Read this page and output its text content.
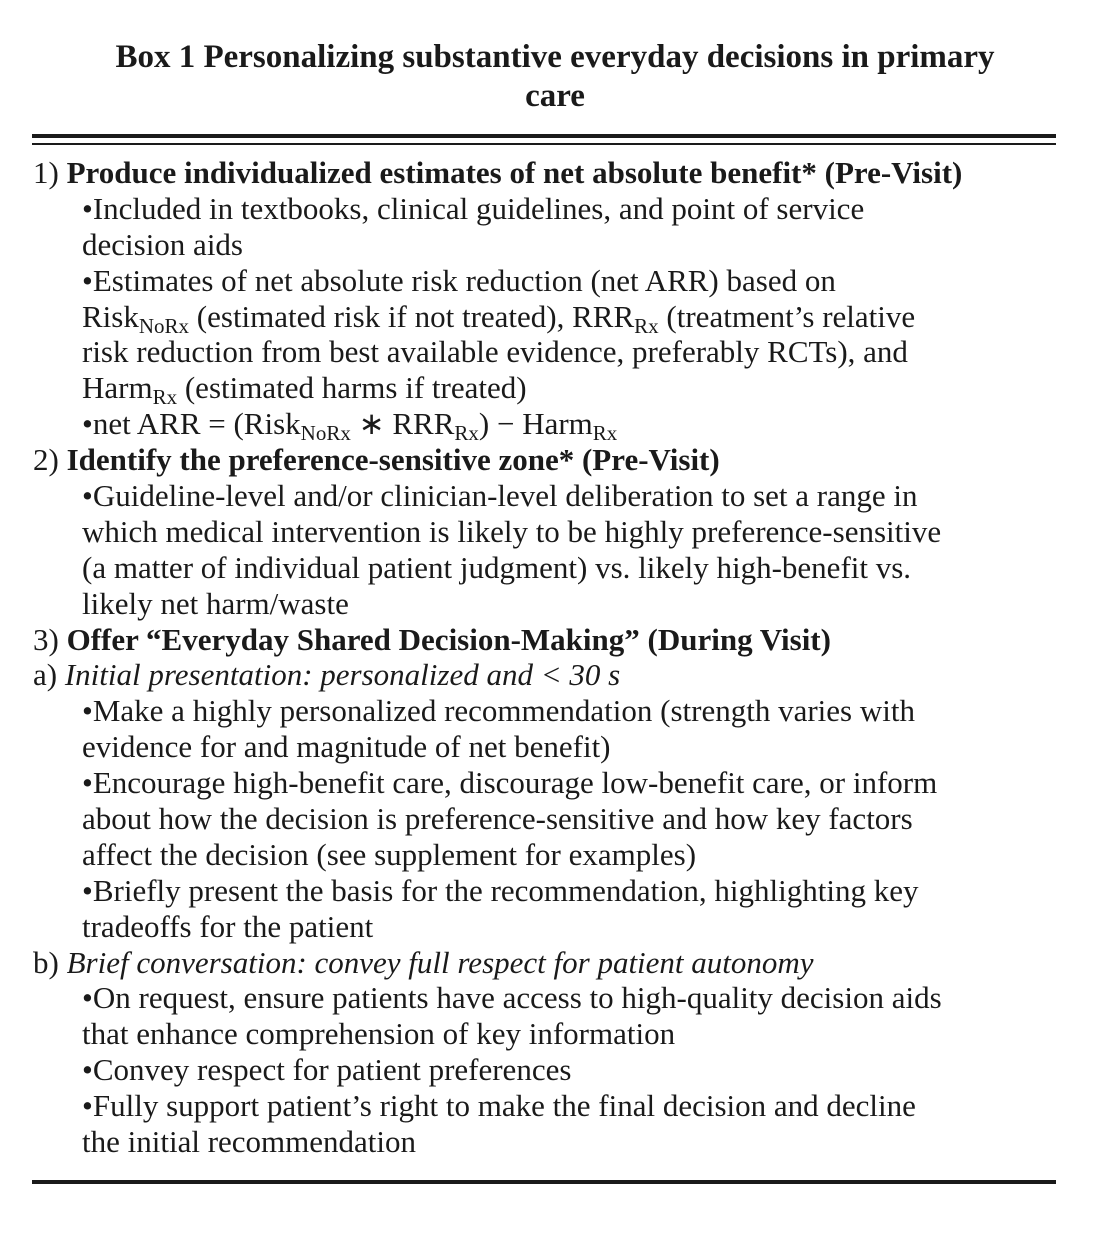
Box 1 Personalizing substantive everyday decisions in primary
care
1) Produce individualized estimates of net absolute benefit* (Pre-Visit)
•Included in textbooks, clinical guidelines, and point of service
decision aids
•Estimates of net absolute risk reduction (net ARR) based on
Risk$_{NoRx}$ (estimated risk if not treated), $RRR_{Rx}$ (treatment’s relative
risk reduction from best available evidence, preferably RCTs), and
Harm$_{Rx}$ (estimated harms if treated)
•net ARR = (Risk$_{NoRx}$ ∗ $RRR_{Rx}$) − Harm$_{Rx}$
2) Identify the preference-sensitive zone* (Pre-Visit)
•Guideline-level and/or clinician-level deliberation to set a range in
which medical intervention is likely to be highly preference-sensitive
(a matter of individual patient judgment) vs. likely high-benefit vs.
likely net harm/waste
3) Offer “Everyday Shared Decision-Making” (During Visit)
a) Initial presentation: personalized and < 30 s
•Make a highly personalized recommendation (strength varies with
evidence for and magnitude of net benefit)
•Encourage high-benefit care, discourage low-benefit care, or inform
about how the decision is preference-sensitive and how key factors
affect the decision (see supplement for examples)
•Briefly present the basis for the recommendation, highlighting key
tradeoffs for the patient
b) Brief conversation: convey full respect for patient autonomy
•On request, ensure patients have access to high-quality decision aids
that enhance comprehension of key information
•Convey respect for patient preferences
•Fully support patient’s right to make the final decision and decline
the initial recommendation
